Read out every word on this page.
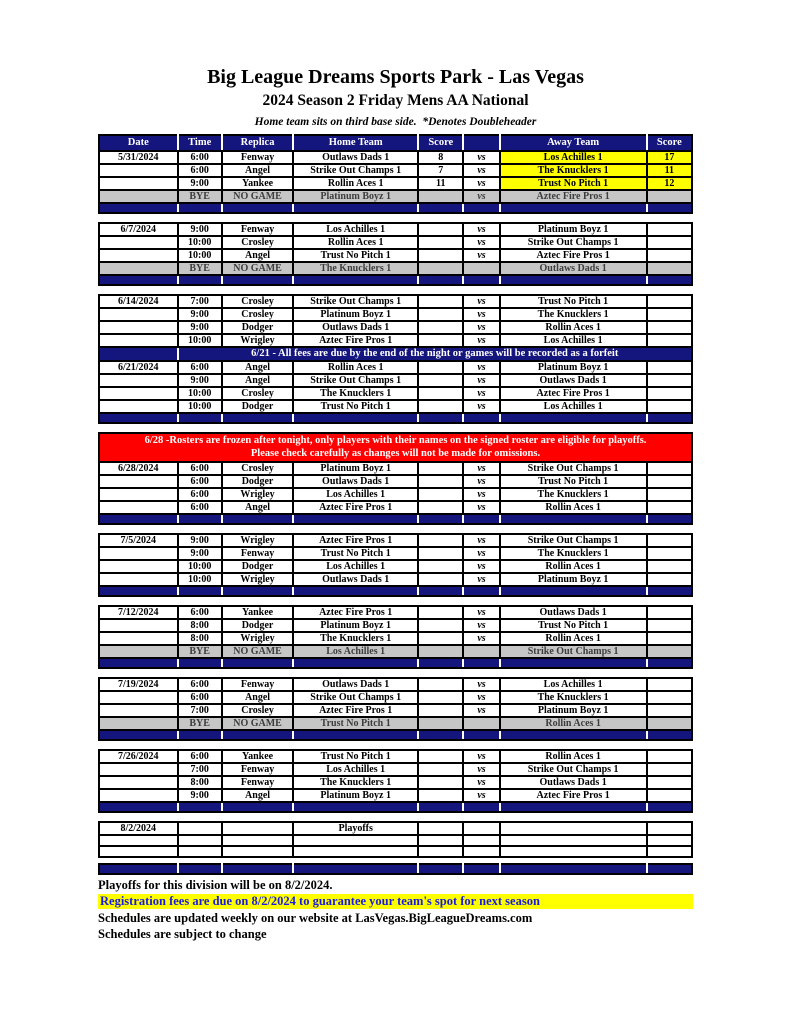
Big League Dreams Sports Park - Las Vegas
2024 Season 2 Friday Mens AA National
Home team sits on third base side.  *Denotes Doubleheader
Date	Time	Replica	Home Team	Score		Away Team	Score
5/31/2024	6:00	Fenway	Outlaws Dads 1	8	vs	Los Achilles 1	17
	6:00	Angel	Strike Out Champs 1	7	vs	The Knucklers 1	11
	9:00	Yankee	Rollin Aces 1	11	vs	Trust No Pitch 1	12
	BYE	NO GAME	Platinum Boyz 1		vs	Aztec Fire Pros 1	

6/7/2024	9:00	Fenway	Los Achilles 1		vs	Platinum Boyz 1	
	10:00	Crosley	Rollin Aces 1		vs	Strike Out Champs 1	
	10:00	Angel	Trust No Pitch 1		vs	Aztec Fire Pros 1	
	BYE	NO GAME	The Knucklers 1			Outlaws Dads 1	

6/14/2024	7:00	Crosley	Strike Out Champs 1		vs	Trust No Pitch 1	
	9:00	Crosley	Platinum Boyz 1		vs	The Knucklers 1	
	9:00	Dodger	Outlaws Dads 1		vs	Rollin Aces 1	
	10:00	Wrigley	Aztec Fire Pros 1		vs	Los Achilles 1	
	6/21 - All fees are due by the end of the night or games will be recorded as a forfeit						
6/21/2024	6:00	Angel	Rollin Aces 1		vs	Platinum Boyz 1	
	9:00	Angel	Strike Out Champs 1		vs	Outlaws Dads 1	
	10:00	Crosley	The Knucklers 1		vs	Aztec Fire Pros 1	
	10:00	Dodger	Trust No Pitch 1		vs	Los Achilles 1	

6/28 -Rosters are frozen after tonight, only players with their names on the signed roster are eligible for playoffs.
Please check carefully as changes will not be made for omissions.							

6/28/2024	6:00	Crosley	Platinum Boyz 1		vs	Strike Out Champs 1	
	6:00	Dodger	Outlaws Dads 1		vs	Trust No Pitch 1	
	6:00	Wrigley	Los Achilles 1		vs	The Knucklers 1	
	6:00	Angel	Aztec Fire Pros 1		vs	Rollin Aces 1	

7/5/2024	9:00	Wrigley	Aztec Fire Pros 1		vs	Strike Out Champs 1	
	9:00	Fenway	Trust No Pitch 1		vs	The Knucklers 1	
	10:00	Dodger	Los Achilles 1		vs	Rollin Aces 1	
	10:00	Wrigley	Outlaws Dads 1		vs	Platinum Boyz 1	

7/12/2024	6:00	Yankee	Aztec Fire Pros 1		vs	Outlaws Dads 1	
	8:00	Dodger	Platinum Boyz 1		vs	Trust No Pitch 1	
	8:00	Wrigley	The Knucklers 1		vs	Rollin Aces 1	
	BYE	NO GAME	Los Achilles 1			Strike Out Champs 1	

7/19/2024	6:00	Fenway	Outlaws Dads 1		vs	Los Achilles 1	
	6:00	Angel	Strike Out Champs 1		vs	The Knucklers 1	
	7:00	Crosley	Aztec Fire Pros 1		vs	Platinum Boyz 1	
	BYE	NO GAME	Trust No Pitch 1			Rollin Aces 1	

7/26/2024	6:00	Yankee	Trust No Pitch 1		vs	Rollin Aces 1	
	7:00	Fenway	Los Achilles 1		vs	Strike Out Champs 1	
	8:00	Fenway	The Knucklers 1		vs	Outlaws Dads 1	
	9:00	Angel	Platinum Boyz 1		vs	Aztec Fire Pros 1	

8/2/2024			Playoffs				

Playoffs for this division will be on 8/2/2024.
Registration fees are due on 8/2/2024 to guarantee your team's spot for next season
Schedules are updated weekly on our website at LasVegas.BigLeagueDreams.com
Schedules are subject to change
